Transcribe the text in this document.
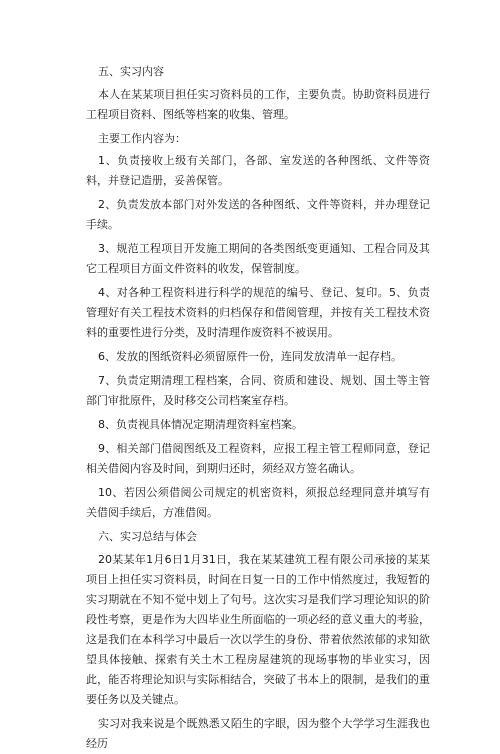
五、实习内容

本人在某某项目担任实习资料员的工作，主要负责。协助资料员进行工程项目资料、图纸等档案的收集、管理。

主要工作内容为：

1、负责接收上级有关部门，各部、室发送的各种图纸、文件等资料，并登记造册，妥善保管。

2、负责发放本部门对外发送的各种图纸、文件等资料，并办理登记手续。

3、规范工程项目开发施工期间的各类图纸变更通知、工程合同及其它工程项目方面文件资料的收发，保管制度。

4、对各种工程资料进行科学的规范的编号、登记、复印。5、负责管理好有关工程技术资料的归档保存和借阅管理，并按有关工程技术资料的重要性进行分类，及时清理作废资料不被误用。

6、发放的图纸资料必须留原件一份，连同发放清单一起存档。

7、负责定期清理工程档案，合同、资质和建设、规划、国土等主管部门审批原件，及时移交公司档案室存档。

8、负责视具体情况定期清理资料室档案。

9、相关部门借阅图纸及工程资料，应报工程主管工程师同意，登记相关借阅内容及时间，到期归还时，须经双方签名确认。

10、若因公须借阅公司规定的机密资料，须报总经理同意并填写有关借阅手续后，方准借阅。

六、实习总结与体会

20某某年1月6日1月31日，我在某某建筑工程有限公司承接的某某项目上担任实习资料员，时间在日复一日的工作中悄然度过，我短暂的实习期就在不知不觉中划上了句号。这次实习是我们学习理论知识的阶段性考察，更是作为大四毕业生所面临的一项必经的意义重大的考验，这是我们在本科学习中最后一次以学生的身份、带着依然浓郁的求知欲望具体接触、探索有关土木工程房屋建筑的现场事物的毕业实习，因此，能否将理论知识与实际相结合，突破了书本上的限制，是我们的重要任务以及关键点。

实习对我来说是个既熟悉又陌生的字眼，因为整个大学学习生涯我也经历
